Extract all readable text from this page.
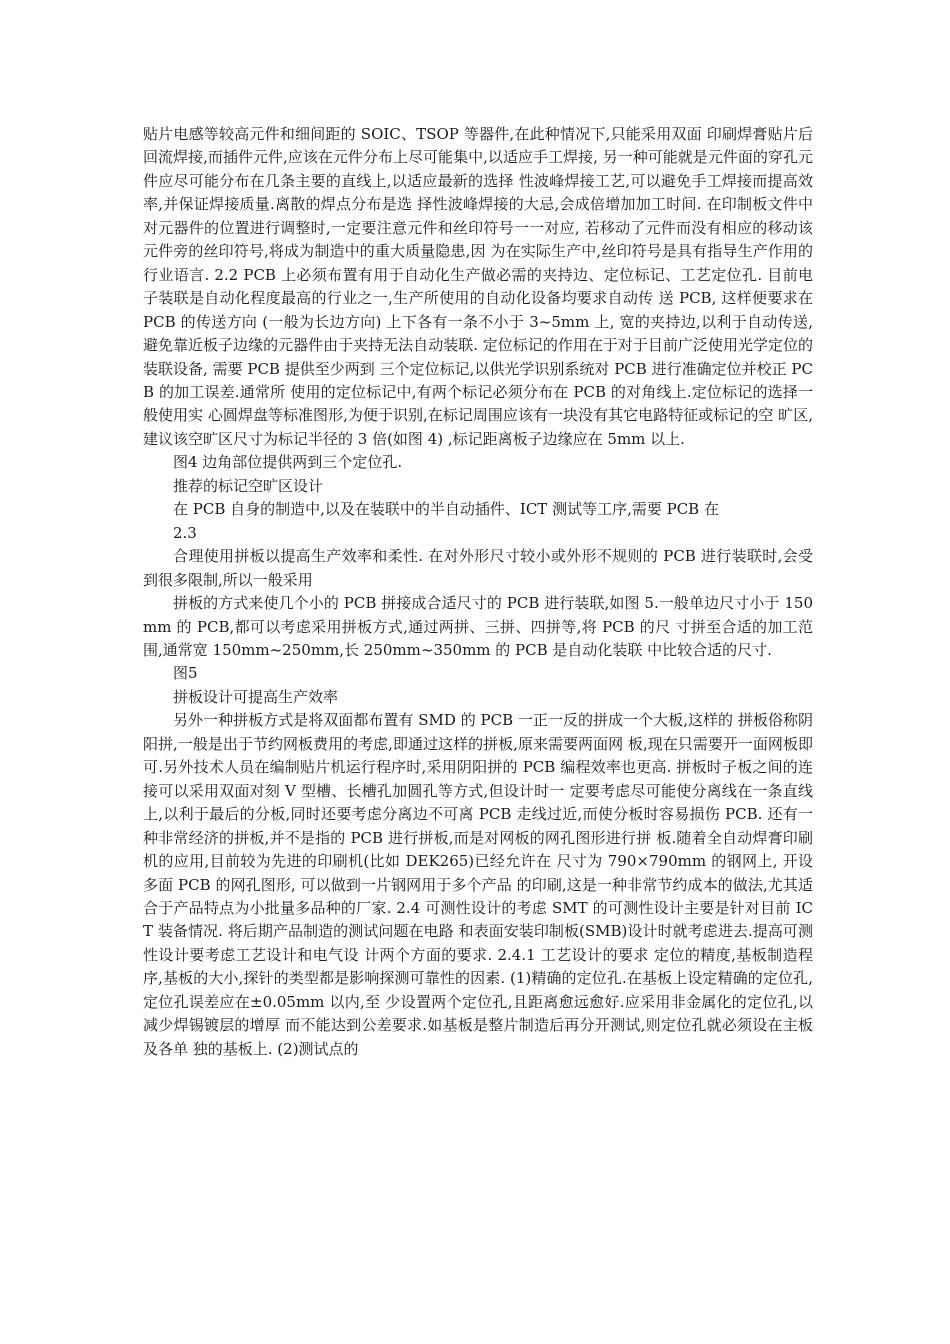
贴片电感等较高元件和细间距的 SOIC、TSOP 等器件,在此种情况下,只能采用双面 印刷焊膏贴片后回流焊接,而插件元件,应该在元件分布上尽可能集中,以适应手工焊接, 另一种可能就是元件面的穿孔元件应尽可能分布在几条主要的直线上,以适应最新的选择 性波峰焊接工艺,可以避免手工焊接而提高效率,并保证焊接质量.离散的焊点分布是选 择性波峰焊接的大忌,会成倍增加加工时间. 在印制板文件中对元器件的位置进行调整时,一定要注意元件和丝印符号一一对应, 若移动了元件而没有相应的移动该元件旁的丝印符号,将成为制造中的重大质量隐患,因 为在实际生产中,丝印符号是具有指导生产作用的行业语言. 2.2 PCB 上必须布置有用于自动化生产做必需的夹持边、定位标记、工艺定位孔. 目前电子装联是自动化程度最高的行业之一,生产所使用的自动化设备均要求自动传 送 PCB, 这样便要求在 PCB 的传送方向 (一般为长边方向) 上下各有一条不小于 3~5mm 上, 宽的夹持边,以利于自动传送,避免靠近板子边缘的元器件由于夹持无法自动装联. 定位标记的作用在于对于目前广泛使用光学定位的装联设备, 需要 PCB 提供至少两到 三个定位标记,以供光学识别系统对 PCB 进行准确定位并校正 PCB 的加工误差.通常所 使用的定位标记中,有两个标记必须分布在 PCB 的对角线上.定位标记的选择一般使用实 心圆焊盘等标准图形,为便于识别,在标记周围应该有一块没有其它电路特征或标记的空 旷区,建议该空旷区尺寸为标记半径的 3 倍(如图 4) ,标记距离板子边缘应在 5mm 以上.

图4 边角部位提供两到三个定位孔.

推荐的标记空旷区设计

在 PCB 自身的制造中,以及在装联中的半自动插件、ICT 测试等工序,需要 PCB 在

2.3

合理使用拼板以提高生产效率和柔性. 在对外形尺寸较小或外形不规则的 PCB 进行装联时,会受到很多限制,所以一般采用

拼板的方式来使几个小的 PCB 拼接成合适尺寸的 PCB 进行装联,如图 5.一般单边尺寸小于 150mm 的 PCB,都可以考虑采用拼板方式,通过两拼、三拼、四拼等,将 PCB 的尺 寸拼至合适的加工范围,通常宽 150mm~250mm,长 250mm~350mm 的 PCB 是自动化装联 中比较合适的尺寸.

图5

拼板设计可提高生产效率

另外一种拼板方式是将双面都布置有 SMD 的 PCB 一正一反的拼成一个大板,这样的 拼板俗称阴阳拼,一般是出于节约网板费用的考虑,即通过这样的拼板,原来需要两面网 板,现在只需要开一面网板即可.另外技术人员在编制贴片机运行程序时,采用阴阳拼的 PCB 编程效率也更高. 拼板时子板之间的连接可以采用双面对刻 V 型槽、长槽孔加圆孔等方式,但设计时一 定要考虑尽可能使分离线在一条直线上,以利于最后的分板,同时还要考虑分离边不可离 PCB 走线过近,而使分板时容易损伤 PCB. 还有一种非常经济的拼板,并不是指的 PCB 进行拼板,而是对网板的网孔图形进行拼 板.随着全自动焊膏印刷机的应用,目前较为先进的印刷机(比如 DEK265)已经允许在 尺寸为 790×790mm 的钢网上, 开设多面 PCB 的网孔图形, 可以做到一片钢网用于多个产品 的印刷,这是一种非常节约成本的做法,尤其适合于产品特点为小批量多品种的厂家. 2.4 可测性设计的考虑 SMT 的可测性设计主要是针对目前 ICT 装备情况. 将后期产品制造的测试问题在电路 和表面安装印制板(SMB)设计时就考虑进去.提高可测性设计要考虑工艺设计和电气设 计两个方面的要求. 2.4.1 工艺设计的要求 定位的精度,基板制造程序,基板的大小,探针的类型都是影响探测可靠性的因素. (1)精确的定位孔.在基板上设定精确的定位孔,定位孔误差应在±0.05mm 以内,至 少设置两个定位孔,且距离愈远愈好.应采用非金属化的定位孔,以减少焊锡镀层的增厚 而不能达到公差要求.如基板是整片制造后再分开测试,则定位孔就必须设在主板及各单 独的基板上. (2)测试点的
